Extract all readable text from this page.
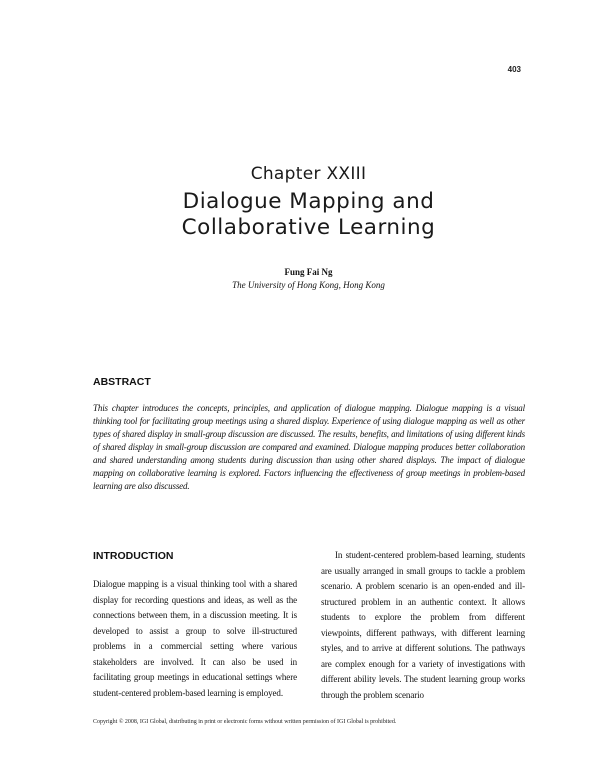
403
Chapter XXIII
Dialogue Mapping and
Collaborative Learning
Fung Fai Ng
The University of Hong Kong, Hong Kong
ABSTRACT

This chapter introduces the concepts, principles, and application of dialogue mapping. Dialogue mapping is a visual thinking tool for facilitating group meetings using a shared display. Experience of using dialogue mapping as well as other types of shared display in small-group discussion are discussed. The results, benefits, and limitations of using different kinds of shared display in small-group discussion are compared and examined. Dialogue mapping produces better collaboration and shared understanding among students during discussion than using other shared displays. The impact of dialogue mapping on collaborative learning is explored. Factors influencing the effectiveness of group meetings in problem-based learning are also discussed.

INTRODUCTION

Dialogue mapping is a visual thinking tool with a shared display for recording questions and ideas, as well as the connections between them, in a discussion meeting. It is developed to assist a group to solve ill-structured problems in a commercial setting where various stakeholders are involved. It can also be used in facilitating group meetings in educational settings where student-centered problem-based learning is employed.

In student-centered problem-based learning, students are usually arranged in small groups to tackle a problem scenario. A problem scenario is an open-ended and ill-structured problem in an authentic context. It allows students to explore the problem from different viewpoints, different pathways, with different learning styles, and to arrive at different solutions. The pathways are complex enough for a variety of investigations with different ability levels. The student learning group works through the problem scenario

Copyright © 2008, IGI Global, distributing in print or electronic forms without written permission of IGI Global is prohibited.
